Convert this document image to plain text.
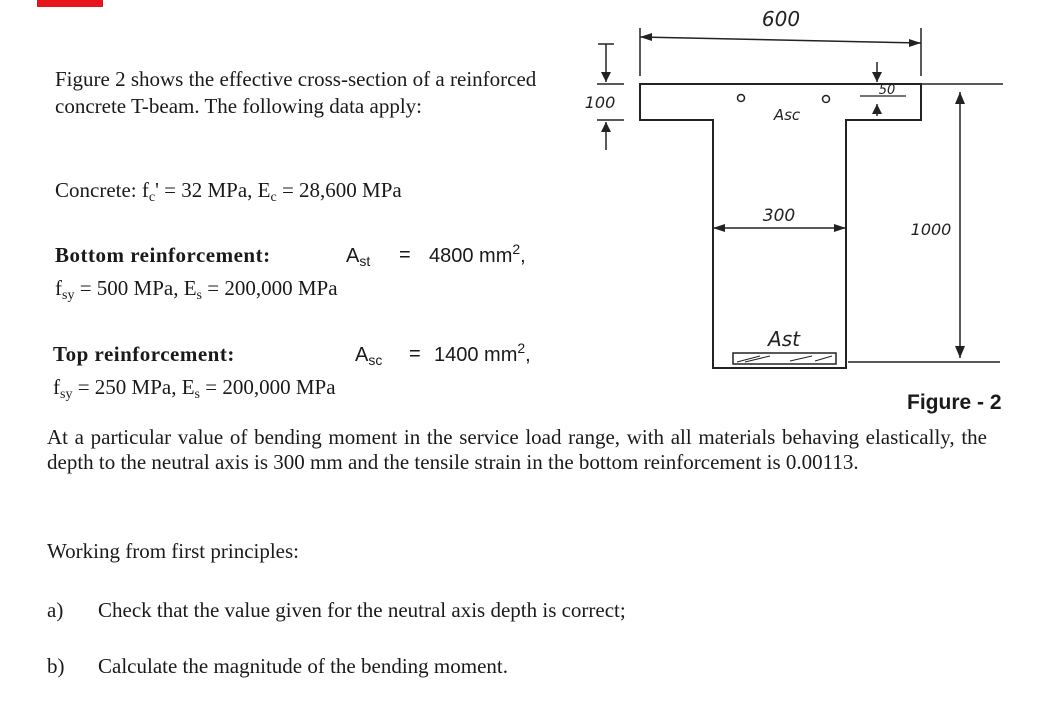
Figure 2 shows the effective cross-section of a reinforced concrete T-beam. The following data apply:
Concrete: $f_c' = 32$ MPa, $E_c = 28,600$ MPa
Bottom reinforcement:	$A_{st} = 4800$ $mm^2$,
$f_{sy} = 500$ MPa, $E_s = 200,000$ MPa
Top reinforcement:	$A_{sc} = 1400$ $mm^2$,
$f_{sy} = 250$ MPa, $E_s = 200,000$ MPa
600
100
300
1000
50
Asc
Ast
Figure - 2
At a particular value of bending moment in the service load range, with all materials behaving elastically, the depth to the neutral axis is 300 mm and the tensile strain in the bottom reinforcement is 0.00113.
Working from first principles:
a) Check that the value given for the neutral axis depth is correct;
b) Calculate the magnitude of the bending moment.
